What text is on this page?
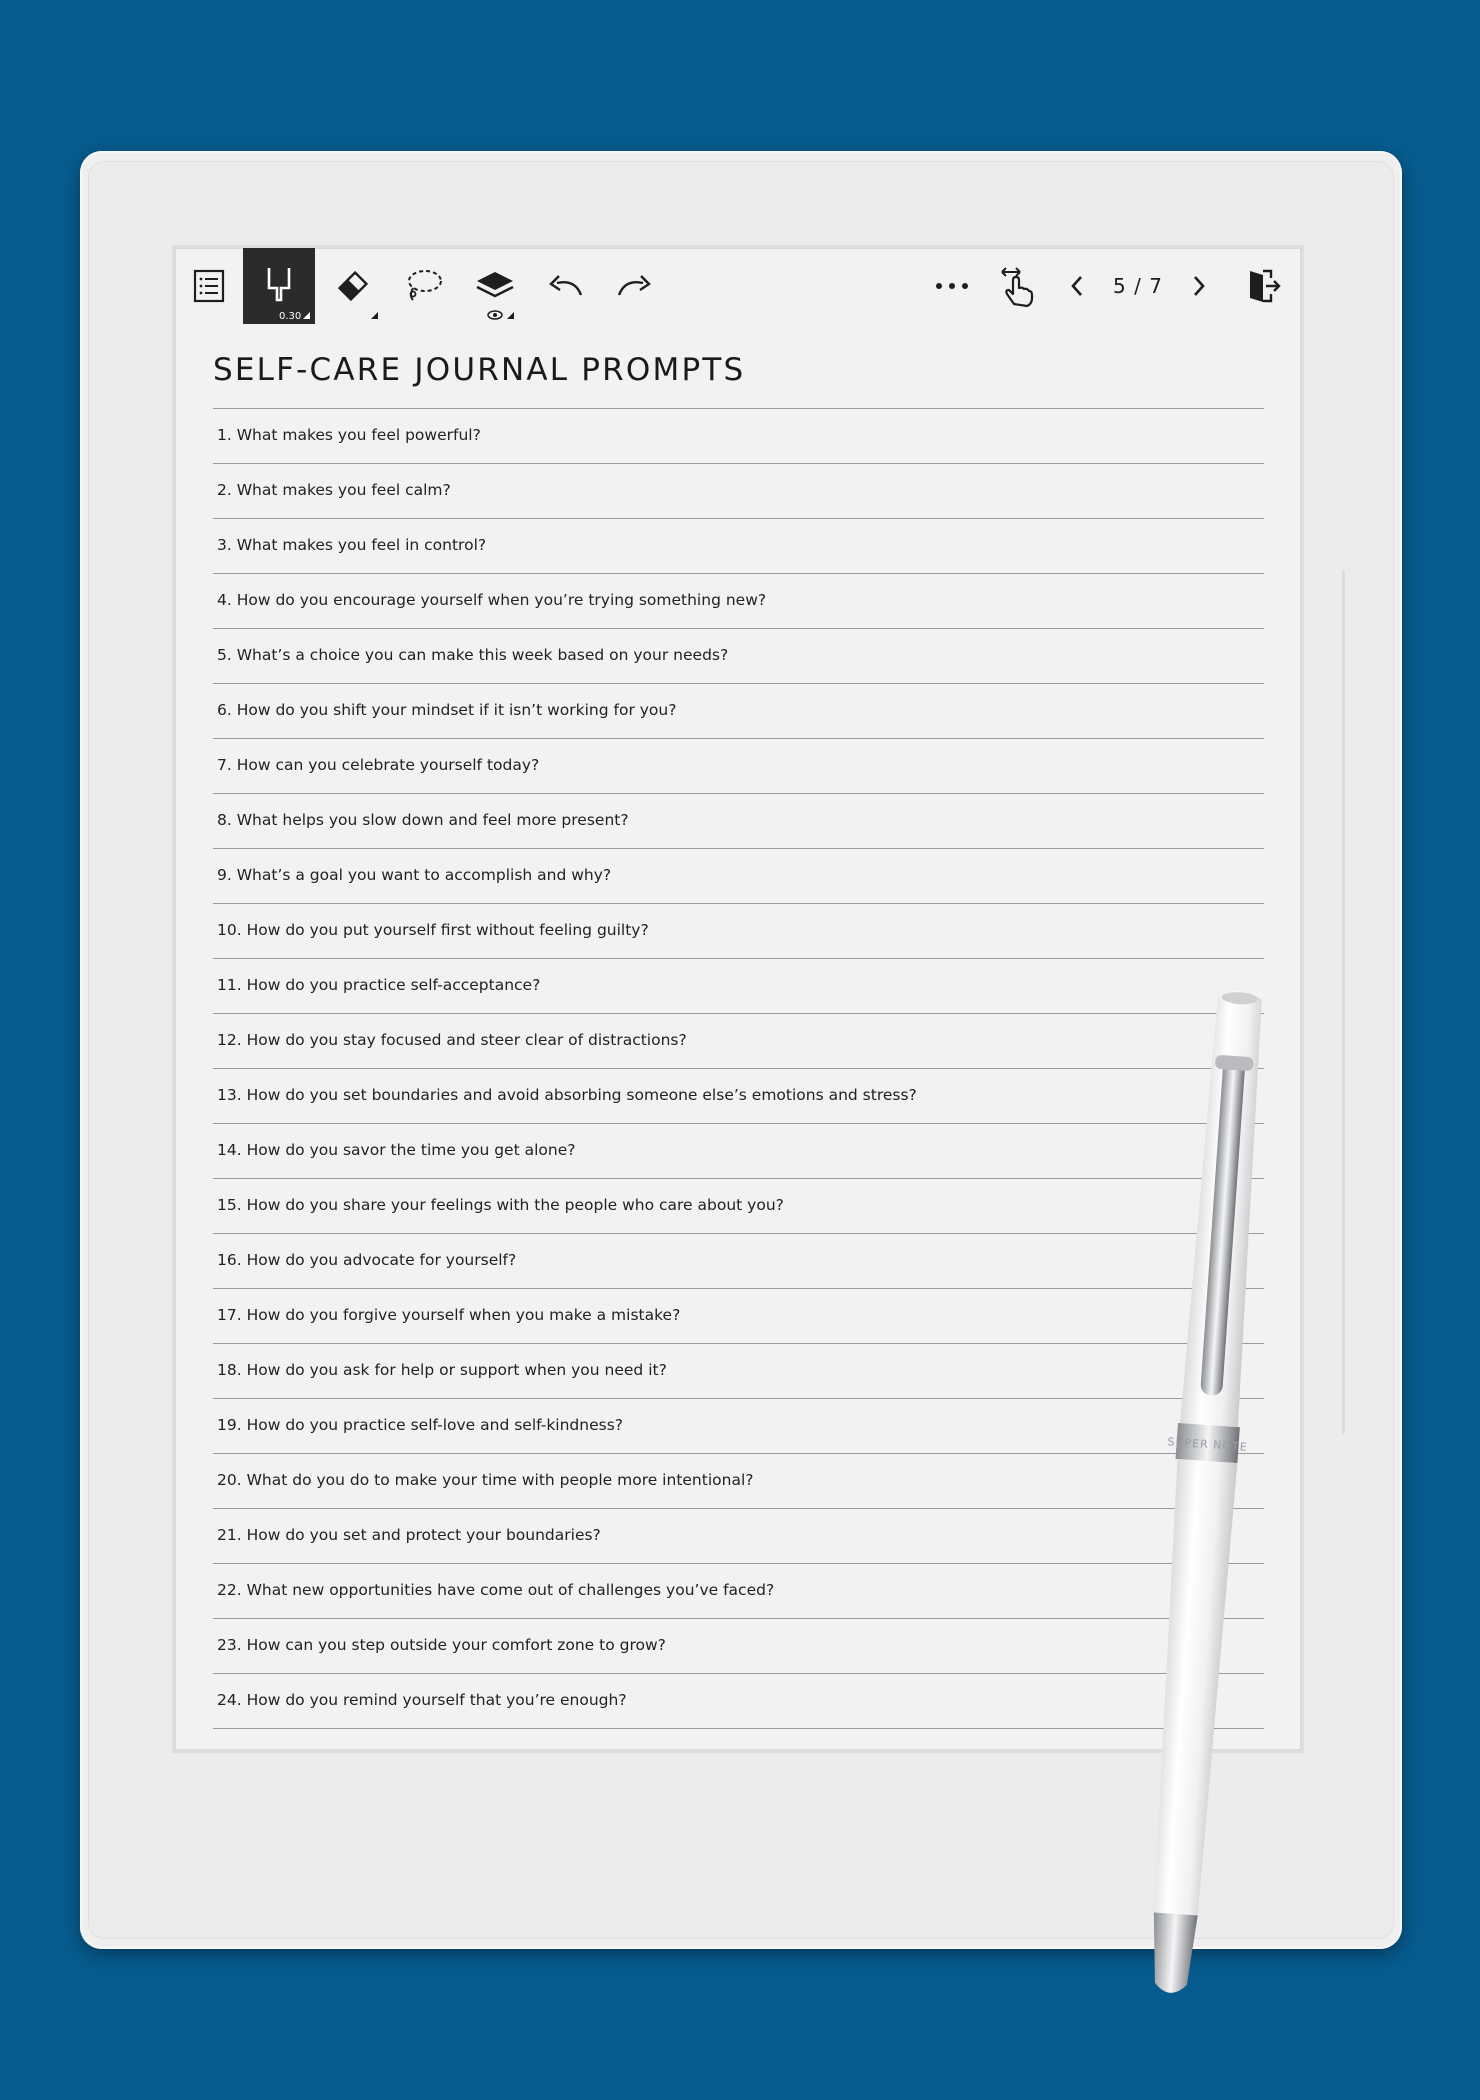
0.30
5 / 7
SELF-CARE JOURNAL PROMPTS
1. What makes you feel powerful?
2. What makes you feel calm?
3. What makes you feel in control?
4. How do you encourage yourself when you’re trying something new?
5. What’s a choice you can make this week based on your needs?
6. How do you shift your mindset if it isn’t working for you?
7. How can you celebrate yourself today?
8. What helps you slow down and feel more present?
9. What’s a goal you want to accomplish and why?
10. How do you put yourself first without feeling guilty?
11. How do you practice self-acceptance?
12. How do you stay focused and steer clear of distractions?
13. How do you set boundaries and avoid absorbing someone else’s emotions and stress?
14. How do you savor the time you get alone?
15. How do you share your feelings with the people who care about you?
16. How do you advocate for yourself?
17. How do you forgive yourself when you make a mistake?
18. How do you ask for help or support when you need it?
19. How do you practice self-love and self-kindness?
20. What do you do to make your time with people more intentional?
21. How do you set and protect your boundaries?
22. What new opportunities have come out of challenges you’ve faced?
23. How can you step outside your comfort zone to grow?
24. How do you remind yourself that you’re enough?
SUPER NOTE
